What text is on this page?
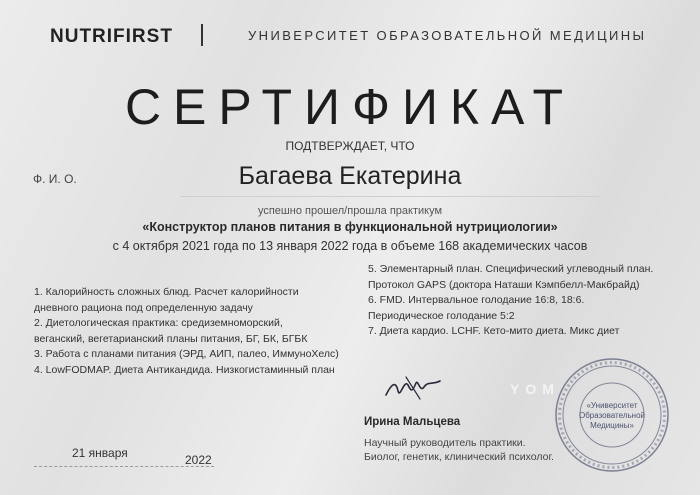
NUTRIFIRST	УНИВЕРСИТЕТ ОБРАЗОВАТЕЛЬНОЙ МЕДИЦИНЫ
СЕРТИФИКАТ
ПОДТВЕРЖДАЕТ, ЧТО
Ф. И. О.	Багаева Екатерина
успешно прошел/прошла практикум
«Конструктор планов питания в функциональной нутрициологии»
с 4 октября 2021 года по 13 января 2022 года в объеме 168 академических часов

1. Калорийность сложных блюд. Расчет калорийности

дневного рациона под определенную задачу

2. Диетологическая практика: средиземноморский,

веганский, вегетарианский планы питания, БГ, БК, БГБК

3. Работа с планами питания (ЭРД, АИП, палео, ИммуноХелс)

4. LowFODMAP. Диета Антикандида. Низкогистаминный план

5. Элементарный план. Специфический углеводный план.

Протокол GAPS (доктора Наташи Кэмпбелл-Макбрайд)

6. FMD. Интервальное голодание 16:8, 18:6.

Периодическое голодание 5:2

7. Диета кардио. LCHF. Кето-мито диета. Микс диет

YOM
Ирина Мальцева
Научный руководитель практики.
Биолог, генетик, клинический психолог.
«Университет
Образовательной
Медицины»
21 января	2022
